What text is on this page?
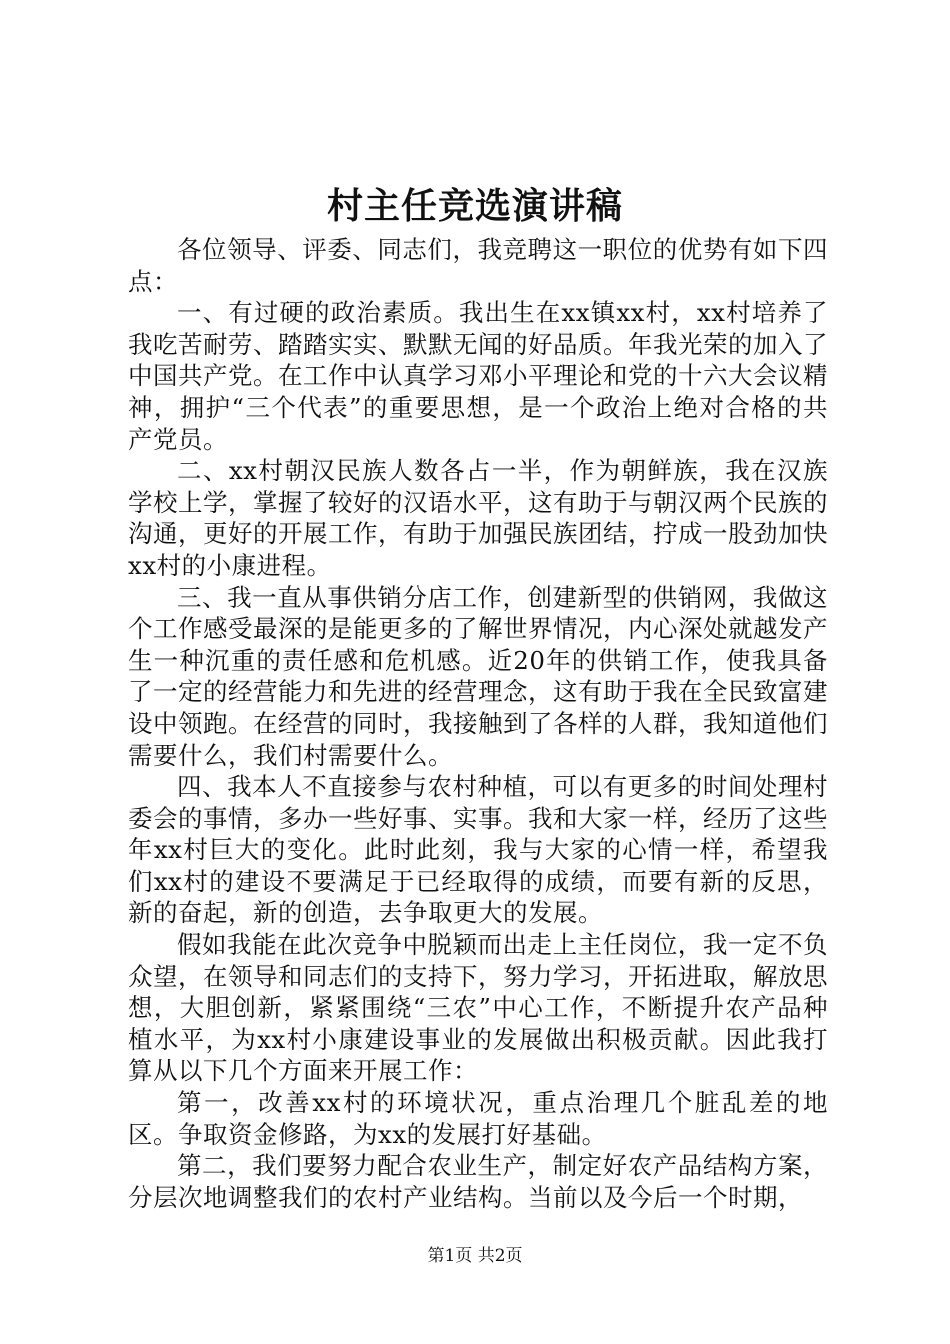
村主任竞选演讲稿

各位领导、评委、同志们，我竞聘这一职位的优势有如下四点：

一、有过硬的政治素质。我出生在xx镇xx村，xx村培养了我吃苦耐劳、踏踏实实、默默无闻的好品质。年我光荣的加入了中国共产党。在工作中认真学习邓小平理论和党的十六大会议精神，拥护“三个代表”的重要思想，是一个政治上绝对合格的共产党员。

二、xx村朝汉民族人数各占一半，作为朝鲜族，我在汉族学校上学，掌握了较好的汉语水平，这有助于与朝汉两个民族的沟通，更好的开展工作，有助于加强民族团结，拧成一股劲加快xx村的小康进程。

三、我一直从事供销分店工作，创建新型的供销网，我做这个工作感受最深的是能更多的了解世界情况，内心深处就越发产生一种沉重的责任感和危机感。近20年的供销工作，使我具备了一定的经营能力和先进的经营理念，这有助于我在全民致富建设中领跑。在经营的同时，我接触到了各样的人群，我知道他们需要什么，我们村需要什么。

四、我本人不直接参与农村种植，可以有更多的时间处理村委会的事情，多办一些好事、实事。我和大家一样，经历了这些年xx村巨大的变化。此时此刻，我与大家的心情一样，希望我们xx村的建设不要满足于已经取得的成绩，而要有新的反思，新的奋起，新的创造，去争取更大的发展。

假如我能在此次竞争中脱颖而出走上主任岗位，我一定不负众望，在领导和同志们的支持下，努力学习，开拓进取，解放思想，大胆创新，紧紧围绕“三农”中心工作，不断提升农产品种植水平，为xx村小康建设事业的发展做出积极贡献。因此我打算从以下几个方面来开展工作：

第一，改善xx村的环境状况，重点治理几个脏乱差的地区。争取资金修路，为xx的发展打好基础。

第二，我们要努力配合农业生产，制定好农产品结构方案，分层次地调整我们的农村产业结构。当前以及今后一个时期，

第1页 共2页
